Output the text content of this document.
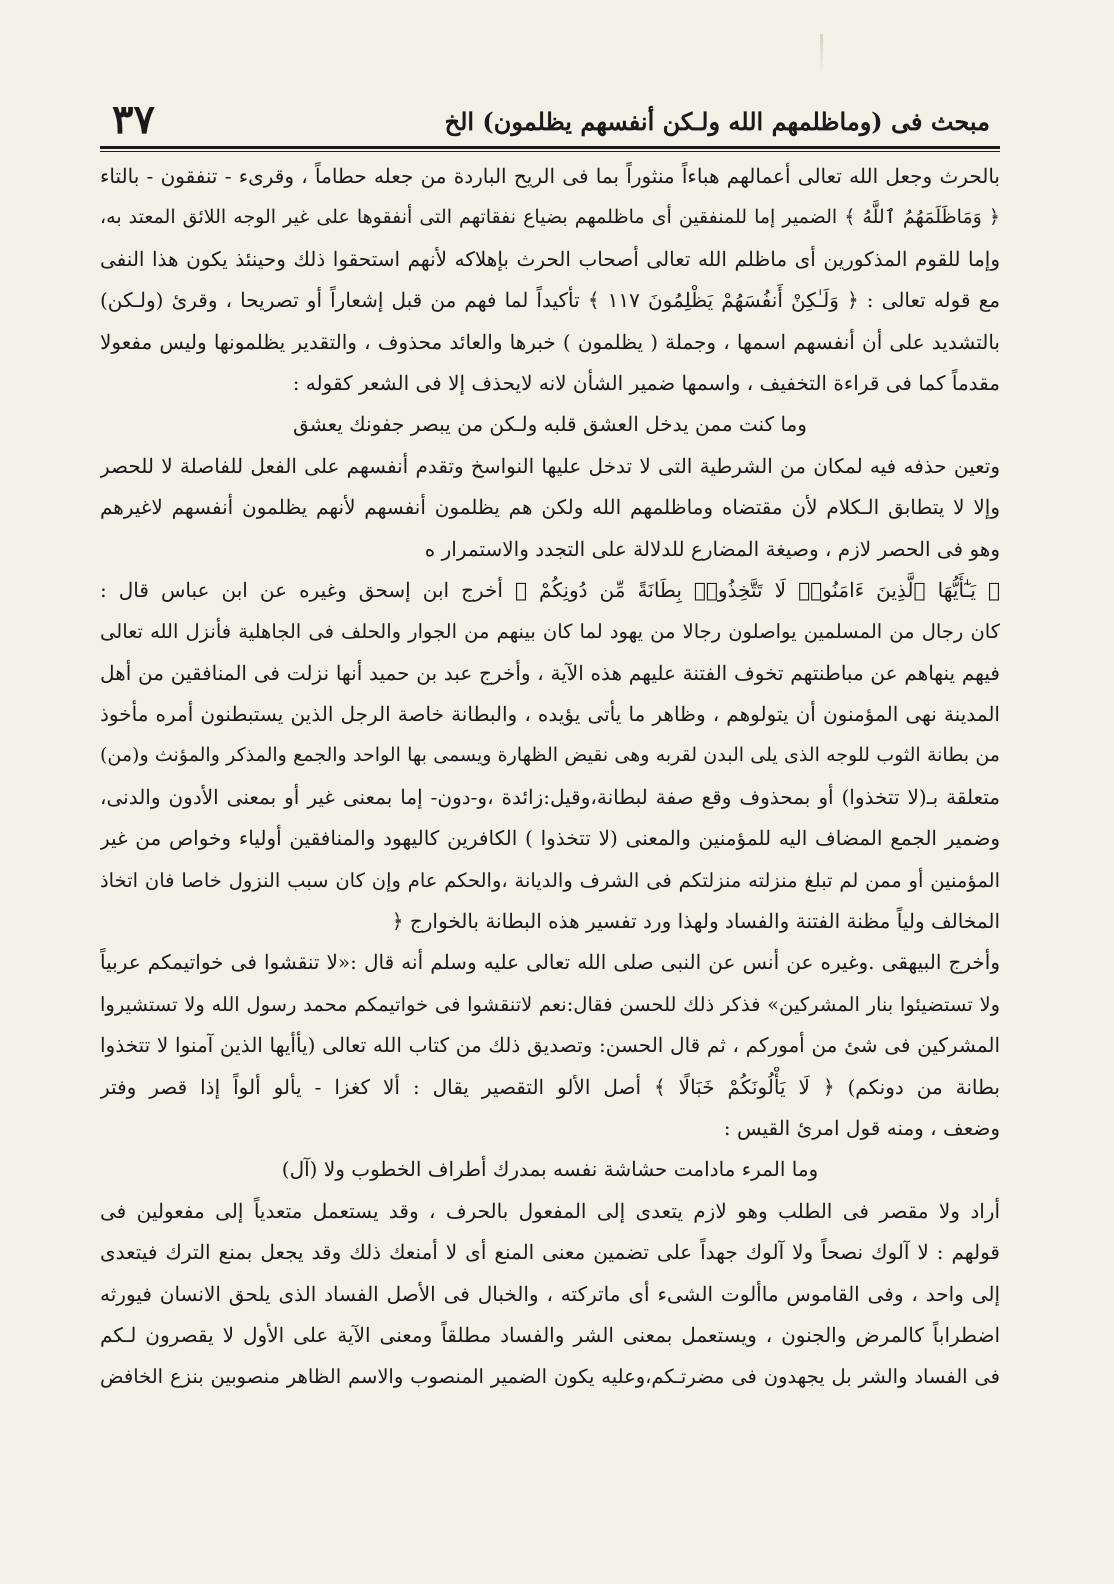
مبحث فى (وماظلمهم الله ولـكن أنفسهم يظلمون) الخ
٣٧
بالحرث وجعل الله تعالى أعمالهم هباءاً منثوراً بما فى الريح الباردة من جعله حطاماً ، وقرىء - تنفقون - بالتاء
﴿ وَمَاظَلَمَهُمُ ٱللَّهُ ﴾ الضمير إما للمنفقين أى ماظلمهم بضياع نفقاتهم التى أنفقوها على غير الوجه اللائق المعتد به،
وإما للقوم المذكورين أى ماظلم الله تعالى أصحاب الحرث بإهلاكه لأنهم استحقوا ذلك وحينئذ يكون هذا النفى
مع قوله تعالى : ﴿ وَلَـٰكِنْ أَنفُسَهُمْ يَظْلِمُونَ ١١٧ ﴾ تأكيداً لما فهم من قبل إشعاراً أو تصريحا ، وقرئ (ولـكن)
بالتشديد على أن أنفسهم اسمها ، وجملة ( يظلمون ) خبرها والعائد محذوف ، والتقدير يظلمونها وليس مفعولا
مقدماً كما فى قراءة التخفيف ، واسمها ضمير الشأن لانه لايحذف إلا فى الشعر كقوله :
وما كنت ممن يدخل العشق قلبه ولـكن من يبصر جفونك يعشق
وتعين حذفه فيه لمكان من الشرطية التى لا تدخل عليها النواسخ وتقدم أنفسهم على الفعل للفاصلة لا للحصر
وإلا لا يتطابق الـكلام لأن مقتضاه وماظلمهم الله ولكن هم يظلمون أنفسهم لأنهم يظلمون أنفسهم لاغيرهم
وهو فى الحصر لازم ، وصيغة المضارع للدلالة على التجدد والاستمرار ه
﴿ يَـٰٓأَيُّهَا ٱلَّذِينَ ءَامَنُوا۟ لَا تَتَّخِذُوا۟ بِطَانَةً مِّن دُونِكُمْ ﴾ أخرج ابن إسحق وغيره عن ابن عباس قال :
كان رجال من المسلمين يواصلون رجالا من يهود لما كان بينهم من الجوار والحلف فى الجاهلية فأنزل الله تعالى
فيهم ينهاهم عن مباطنتهم تخوف الفتنة عليهم هذه الآية ، وأخرج عبد بن حميد أنها نزلت فى المنافقين من أهل
المدينة نهى المؤمنون أن يتولوهم ، وظاهر ما يأتى يؤيده ، والبطانة خاصة الرجل الذين يستبطنون أمره مأخوذ
من بطانة الثوب للوجه الذى يلى البدن لقربه وهى نقيض الظهارة ويسمى بها الواحد والجمع والمذكر والمؤنث و(من)
متعلقة بـ(لا تتخذوا) أو بمحذوف وقع صفة لبطانة،وقيل:زائدة ،و-دون- إما بمعنى غير أو بمعنى الأدون والدنى،
وضمير الجمع المضاف اليه للمؤمنين والمعنى (لا تتخذوا ) الكافرين كاليهود والمنافقين أولياء وخواص من غير
المؤمنين أو ممن لم تبلغ منزلته منزلتكم فى الشرف والديانة ،والحكم عام وإن كان سبب النزول خاصا فان اتخاذ
المخالف ولياً مظنة الفتنة والفساد ولهذا ورد تفسير هذه البطانة بالخوارج ﴿
وأخرج البيهقى .وغيره عن أنس عن النبى صلى الله تعالى عليه وسلم أنه قال :«لا تنقشوا فى خواتيمكم عربياً
ولا تستضيئوا بنار المشركين» فذكر ذلك للحسن فقال:نعم لاتنقشوا فى خواتيمكم محمد رسول الله ولا تستشيروا
المشركين فى شئ من أموركم ، ثم قال الحسن: وتصديق ذلك من كتاب الله تعالى (يأأيها الذين آمنوا لا تتخذوا
بطانة من دونكم) ﴿ لَا يَأْلُونَكُمْ خَبَالًا ﴾ أصل الألو التقصير يقال : ألا كغزا - يألو ألواً إذا قصر وفتر
وضعف ، ومنه قول امرئ القيس :
وما المرء مادامت حشاشة نفسه بمدرك أطراف الخطوب ولا (آل)
أراد ولا مقصر فى الطلب وهو لازم يتعدى إلى المفعول بالحرف ، وقد يستعمل متعدياً إلى مفعولين فى
قولهم : لا آلوك نصحاً ولا آلوك جهداً على تضمين معنى المنع أى لا أمنعك ذلك وقد يجعل بمنع الترك فيتعدى
إلى واحد ، وفى القاموس ماألوت الشىء أى ماتركته ، والخبال فى الأصل الفساد الذى يلحق الانسان فيورثه
اضطراباً كالمرض والجنون ، ويستعمل بمعنى الشر والفساد مطلقاً ومعنى الآية على الأول لا يقصرون لـكم
فى الفساد والشر بل يجهدون فى مضرتـكم،وعليه يكون الضمير المنصوب والاسم الظاهر منصوبين بنزع الخافض
